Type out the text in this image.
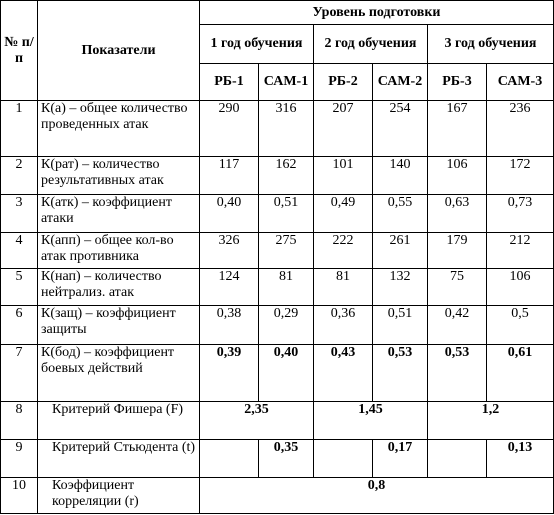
№ п/п	Показатели	Уровень подготовки					
		1 год обучения		2 год обучения		3 год обучения	
		РБ-1	САМ-1	РБ-2	САМ-2	РБ-3	САМ-3
1	К(а) – общее количество проведенных атак	290	316	207	254	167	236
2	К(рат) – количество результативных атак	117	162	101	140	106	172
3	К(атк) – коэффициент атаки	0,40	0,51	0,49	0,55	0,63	0,73
4	К(апп) – общее кол-во атак противника	326	275	222	261	179	212
5	К(нап) – количество нейтрализ. атак	124	81	81	132	75	106
6	К(защ) – коэффициент защиты	0,38	0,29	0,36	0,51	0,42	0,5
7	К(бод) – коэффициент боевых действий	0,39	0,40	0,43	0,53	0,53	0,61
8	Критерий Фишера (F)	2,35		1,45		1,2	
9	Критерий Стьюдента (t)		0,35		0,17		0,13
10	Коэффициент корреляции (r)	0,8					
